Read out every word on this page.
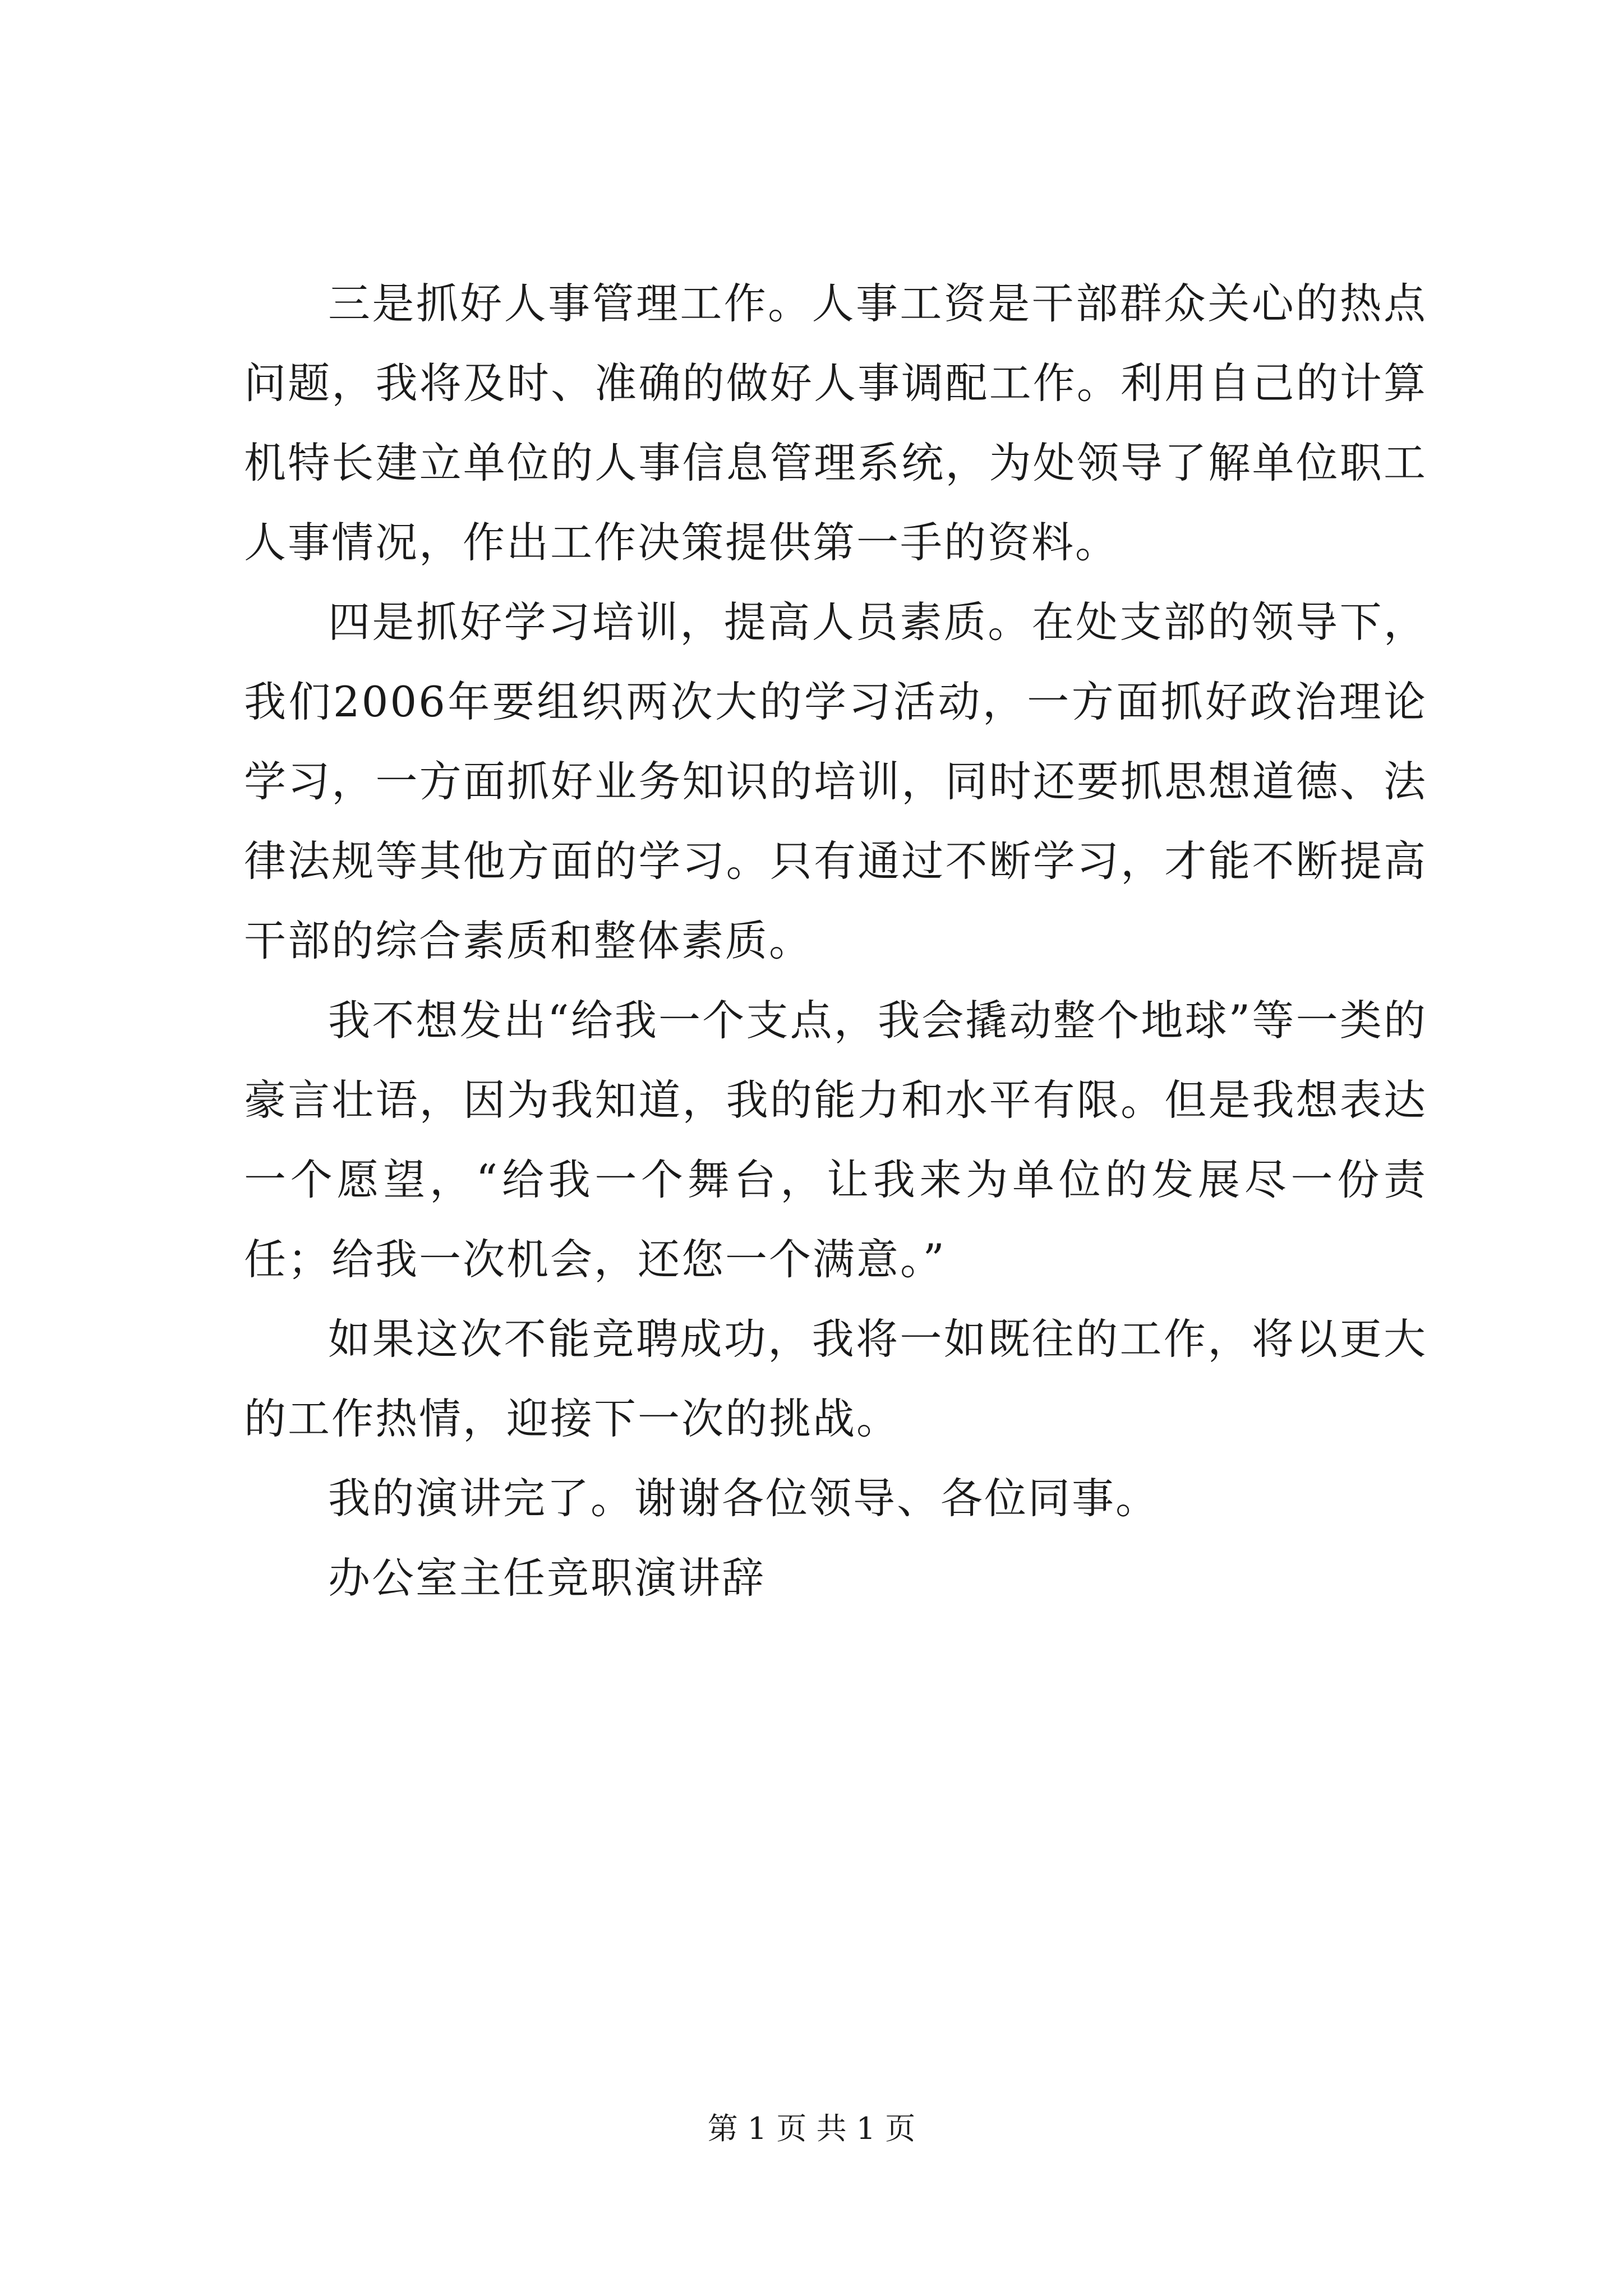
三是抓好人事管理工作。人事工资是干部群众关心的热点问题，我将及时、准确的做好人事调配工作。利用自己的计算机特长建立单位的人事信息管理系统，为处领导了解单位职工人事情况，作出工作决策提供第一手的资料。

四是抓好学习培训，提高人员素质。在处支部的领导下，我们2006年要组织两次大的学习活动，一方面抓好政治理论学习，一方面抓好业务知识的培训，同时还要抓思想道德、法律法规等其他方面的学习。只有通过不断学习，才能不断提高干部的综合素质和整体素质。

我不想发出“给我一个支点，我会撬动整个地球”等一类的豪言壮语，因为我知道，我的能力和水平有限。但是我想表达一个愿望，“给我一个舞台，让我来为单位的发展尽一份责任；给我一次机会，还您一个满意。”

如果这次不能竞聘成功，我将一如既往的工作，将以更大的工作热情，迎接下一次的挑战。

我的演讲完了。谢谢各位领导、各位同事。

办公室主任竞职演讲辞

第 1 页 共 1 页
